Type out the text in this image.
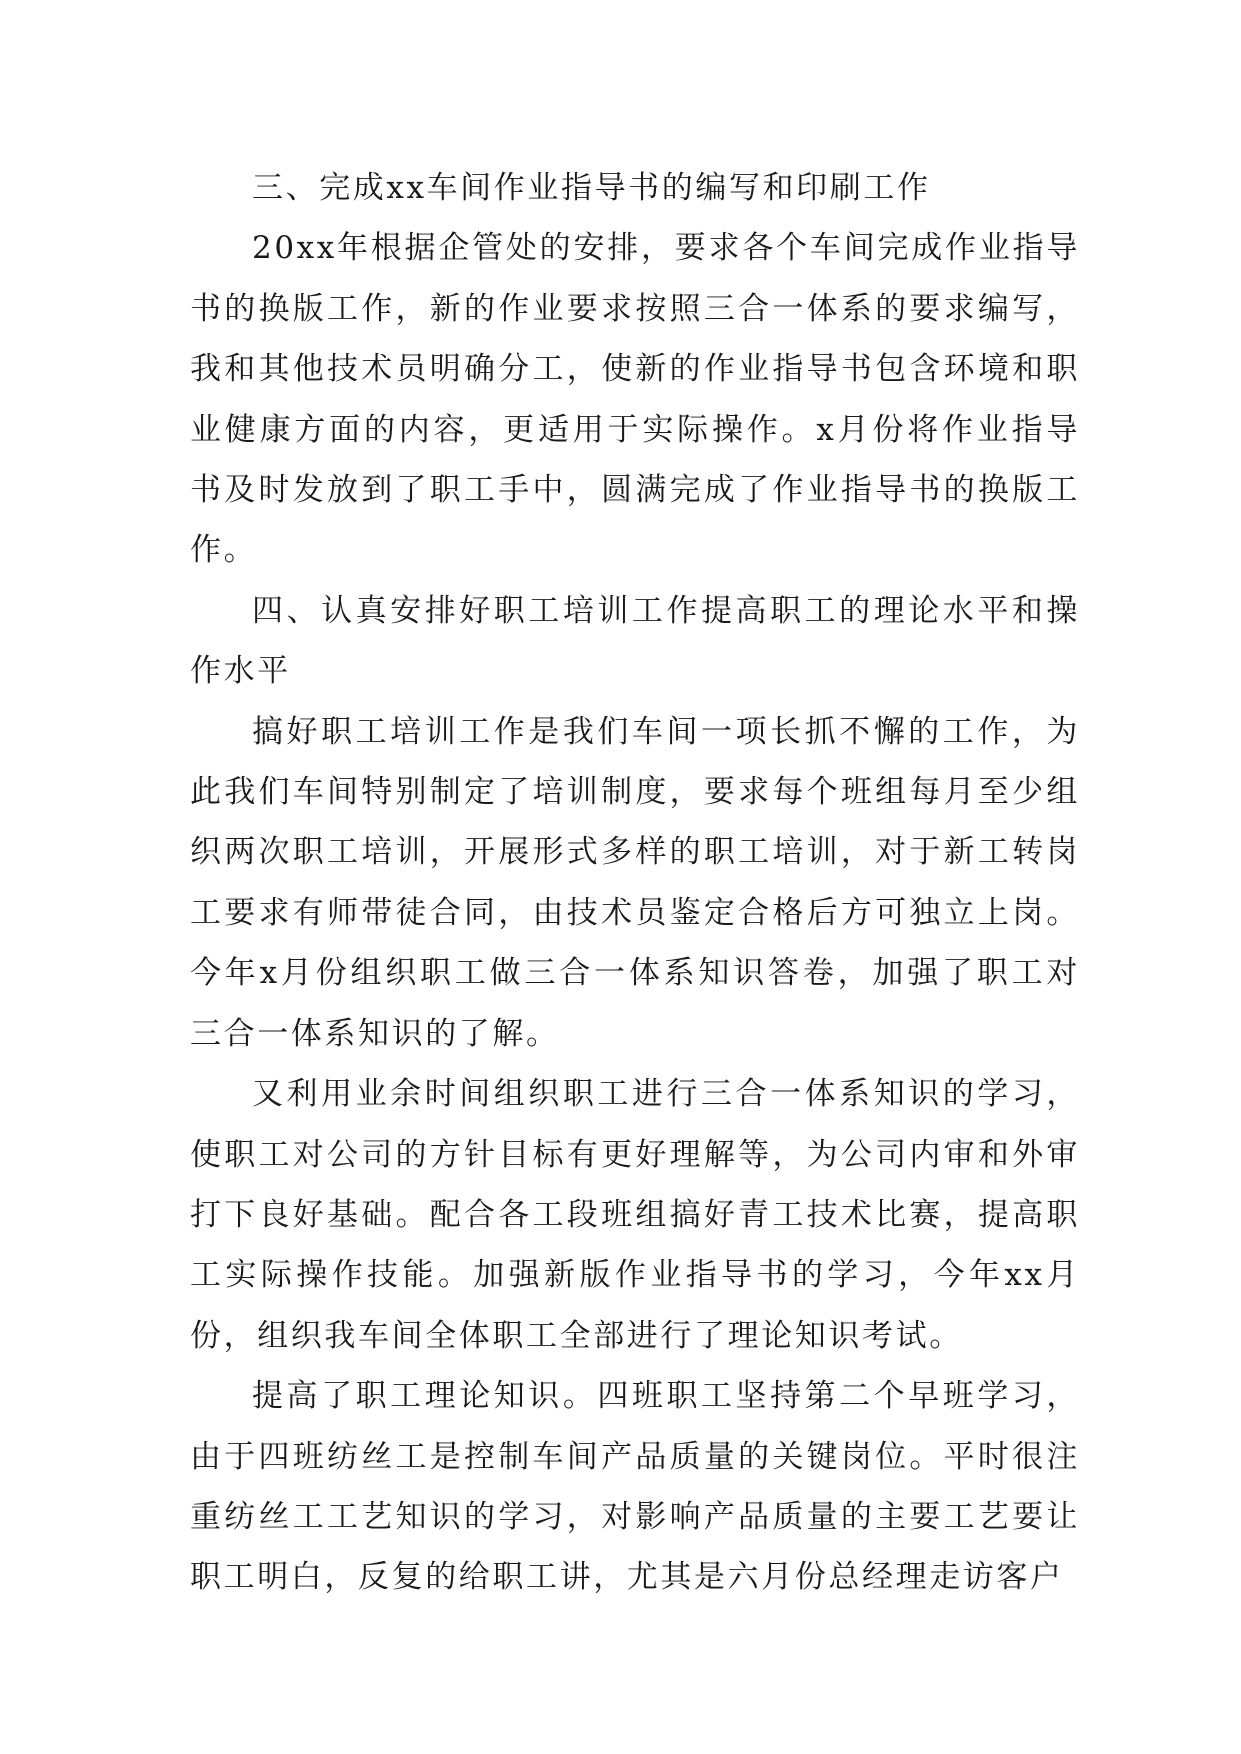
三、完成xx车间作业指导书的编写和印刷工作

20xx年根据企管处的安排，要求各个车间完成作业指导书的换版工作，新的作业要求按照三合一体系的要求编写，我和其他技术员明确分工，使新的作业指导书包含环境和职业健康方面的内容，更适用于实际操作。x月份将作业指导书及时发放到了职工手中，圆满完成了作业指导书的换版工作。

四、认真安排好职工培训工作提高职工的理论水平和操作水平

搞好职工培训工作是我们车间一项长抓不懈的工作，为此我们车间特别制定了培训制度，要求每个班组每月至少组织两次职工培训，开展形式多样的职工培训，对于新工转岗工要求有师带徒合同，由技术员鉴定合格后方可独立上岗。今年x月份组织职工做三合一体系知识答卷，加强了职工对三合一体系知识的了解。

又利用业余时间组织职工进行三合一体系知识的学习，使职工对公司的方针目标有更好理解等，为公司内审和外审打下良好基础。配合各工段班组搞好青工技术比赛，提高职工实际操作技能。加强新版作业指导书的学习，今年xx月份，组织我车间全体职工全部进行了理论知识考试。

提高了职工理论知识。四班职工坚持第二个早班学习，由于四班纺丝工是控制车间产品质量的关键岗位。平时很注重纺丝工工艺知识的学习，对影响产品质量的主要工艺要让职工明白，反复的给职工讲，尤其是六月份总经理走访客户
